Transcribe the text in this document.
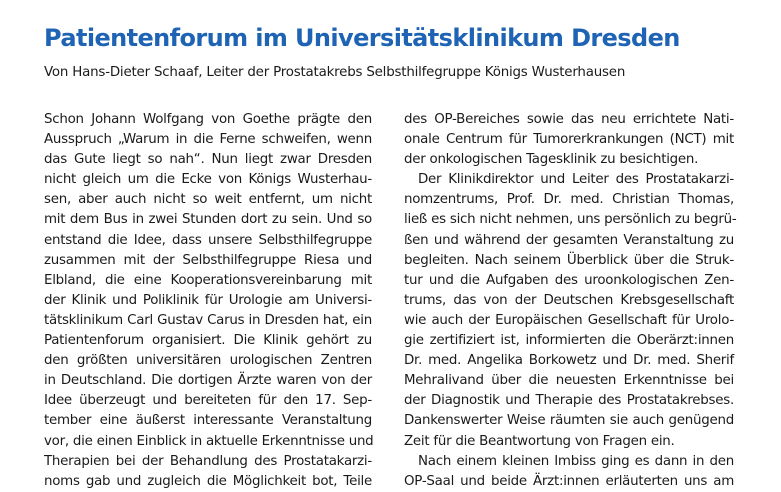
Patientenforum im Universitätsklinikum Dresden

Von Hans-Dieter Schaaf, Leiter der Prostatakrebs Selbsthilfegruppe Königs Wusterhausen

Schon Johann Wolfgang von Goethe prägte den
Ausspruch „Warum in die Ferne schweifen, wenn
das Gute liegt so nah“. Nun liegt zwar Dresden
nicht gleich um die Ecke von Königs Wusterhau-
sen, aber auch nicht so weit entfernt, um nicht
mit dem Bus in zwei Stunden dort zu sein. Und so
entstand die Idee, dass unsere Selbsthilfegruppe
zusammen mit der Selbsthilfegruppe Riesa und
Elbland, die eine Kooperationsvereinbarung mit
der Klinik und Poliklinik für Urologie am Universi-
tätsklinikum Carl Gustav Carus in Dresden hat, ein
Patientenforum organisiert. Die Klinik gehört zu
den größten universitären urologischen Zentren
in Deutschland. Die dortigen Ärzte waren von der
Idee überzeugt und bereiteten für den 17. Sep-
tember eine äußerst interessante Veranstaltung
vor, die einen Einblick in aktuelle Erkenntnisse und
Therapien bei der Behandlung des Prostatakarzi-
noms gab und zugleich die Möglichkeit bot, Teile
des OP-Bereiches sowie das neu errichtete Nati-
onale Centrum für Tumorerkrankungen (NCT) mit
der onkologischen Tagesklinik zu besichtigen.
Der Klinikdirektor und Leiter des Prostatakarzi-
nomzentrums, Prof. Dr. med. Christian Thomas,
ließ es sich nicht nehmen, uns persönlich zu begrü-
ßen und während der gesamten Veranstaltung zu
begleiten. Nach seinem Überblick über die Struk-
tur und die Aufgaben des uroonkologischen Zen-
trums, das von der Deutschen Krebsgesellschaft
wie auch der Europäischen Gesellschaft für Urolo-
gie zertifiziert ist, informierten die Oberärzt:innen
Dr. med. Angelika Borkowetz und Dr. med. Sherif
Mehralivand über die neuesten Erkenntnisse bei
der Diagnostik und Therapie des Prostatakrebses.
Dankenswerter Weise räumten sie auch genügend
Zeit für die Beantwortung von Fragen ein.
Nach einem kleinen Imbiss ging es dann in den
OP-Saal und beide Ärzt:innen erläuterten uns am
